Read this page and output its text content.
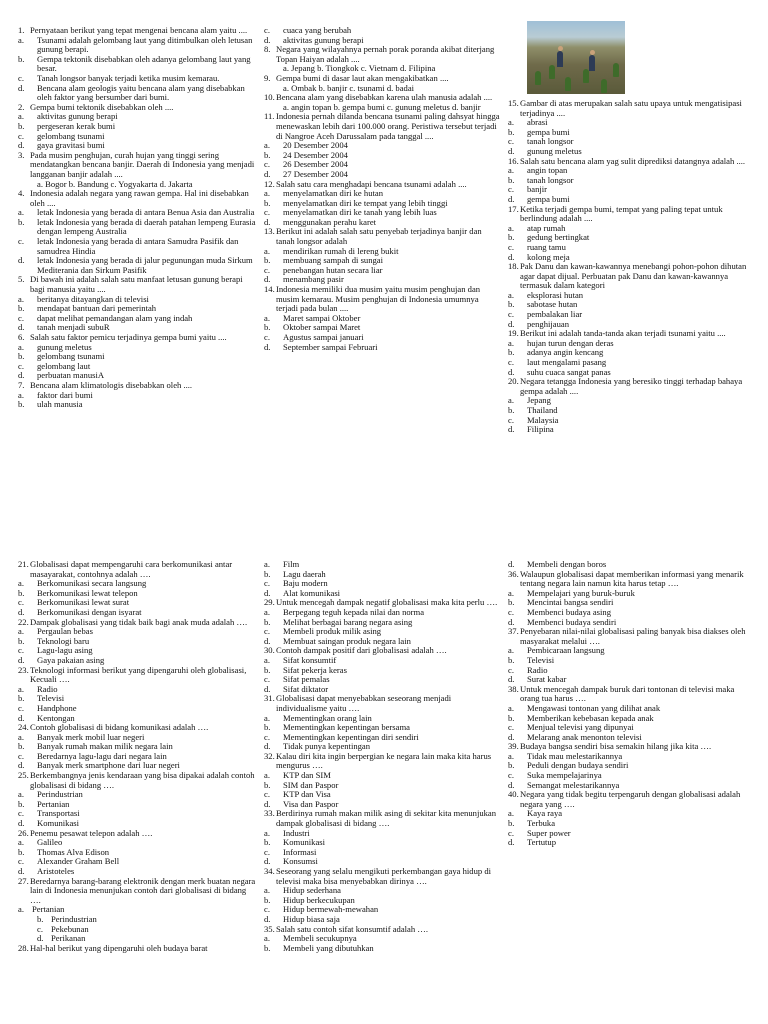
1. Pernyataan berikut yang tepat mengenai bencana alam yaitu ....
a. Tsunami adalah gelombang laut yang ditimbulkan oleh letusan gunung berapi.
b. Gempa tektonik disebabkan oleh adanya gelombang laut yang besar.
c. Tanah longsor banyak terjadi ketika musim kemarau.
d. Bencana alam geologis yaitu bencana alam yang disebabkan oleh faktor yang bersumber dari bumi.
2. Gempa bumi tektonik disebabkan oleh ....
a. aktivitas gunung berapi
b. pergeseran kerak bumi
c. gelombang tsunami
d. gaya gravitasi bumi
3. Pada musim penghujan, curah hujan yang tinggi sering mendatangkan bencana banjir. Daerah di Indonesia yang menjadi langganan banjir adalah ....
a. Bogor b. Bandung c. Yogyakarta d. Jakarta
4. Indonesia adalah negara yang rawan gempa. Hal ini disebabkan oleh ....
a. letak Indonesia yang berada di antara Benua Asia dan Australia
b. letak Indonesia yang berada di daerah patahan lempeng Eurasia dengan lempeng Australia
c. letak Indonesia yang berada di antara Samudra Pasifik dan samudrea Hindia
d. letak Indonesia yang berada di jalur pegunungan muda Sirkum Mediterania dan Sirkum Pasifik
5. Di bawah ini adalah salah satu manfaat letusan gunung berapi bagi manusia yaitu ....
a. beritanya ditayangkan di televisi
b. mendapat bantuan dari pemerintah
c. dapat melihat pemandangan alam yang indah
d. tanah menjadi subuR
6. Salah satu faktor pemicu terjadinya gempa bumi yaitu ....
a. gunung meletus
b. gelombang tsunami
c. gelombang laut
d. perbuatan manusiA
7. Bencana alam klimatologis disebabkan oleh ....
a. faktor dari bumi
b. ulah manusia
c. cuaca yang berubah
d. aktivitas gunung berapi
8. Negara yang wilayahnya pernah porak poranda akibat diterjang Topan Haiyan adalah ....
a. Jepang b. Tiongkok c. Vietnam d. Filipina
9. Gempa bumi di dasar laut akan mengakibatkan ....
a. Ombak b. banjir c. tsunami d. badai
10. Bencana alam yang disebabkan karena ulah manusia adalah ....
a. angin topan b. gempa bumi c. gunung meletus d. banjir
11. Indonesia pernah dilanda bencana tsunami paling dahsyat hingga menewaskan lebih dari 100.000 orang. Peristiwa tersebut terjadi di Nangroe Aceh Darussalam pada tanggal ....
a. 20 Desember 2004
b. 24 Desember 2004
c. 26 Desember 2004
d. 27 Desember 2004
12. Salah satu cara menghadapi bencana tsunami adalah ....
a. menyelamatkan diri ke hutan
b. menyelamatkan diri ke tempat yang lebih tinggi
c. menyelamatkan diri ke tanah yang lebih luas
d. menggunakan perahu karet
13. Berikut ini adalah salah satu penyebab terjadinya banjir dan tanah longsor adalah
a. mendirikan rumah di lereng bukit
b. membuang sampah di sungai
c. penebangan hutan secara liar
d. menambang pasir
14. Indonesia memiliki dua musim yaitu musim penghujan dan musim kemarau. Musim penghujan di Indonesia umumnya terjadi pada bulan ....
a. Maret sampai Oktober
b. Oktober sampai Maret
c. Agustus sampai januari
d. September sampai Februari
15. Gambar di atas merupakan salah satu upaya untuk mengatisipasi terjadinya ....
a. abrasi
b. gempa bumi
c. tanah longsor
d. gunung meletus
16. Salah satu bencana alam yag sulit diprediksi datangnya adalah ....
a. angin topan
b. tanah longsor
c. banjir
d. gempa bumi
17. Ketika terjadi gempa bumi, tempat yang paling tepat untuk berlindung adalah ....
a. atap rumah
b. gedung bertingkat
c. ruang tamu
d. kolong meja
18. Pak Danu dan kawan-kawannya menebangi pohon-pohon dihutan agar dapat dijual. Perbuatan pak Danu dan kawan-kawannya termasuk dalam kategori
a. eksplorasi hutan
b. sabotase hutan
c. pembalakan liar
d. penghijauan
19. Berikut ini adalah tanda-tanda akan terjadi tsunami yaitu ....
a. hujan turun dengan deras
b. adanya angin kencang
c. laut mengalami pasang
d. suhu cuaca sangat panas
20. Negara tetangga Indonesia yang beresiko tinggi terhadap bahaya gempa adalah ....
a. Jepang
b. Thailand
c. Malaysia
d. Filipina
21. Globalisasi dapat mempengaruhi cara berkomunikasi antar masayarakat, contohnya adalah ….
a. Berkomunikasi secara langsung
b. Berkomunikasi lewat telepon
c. Berkomunikasi lewat surat
d. Berkomunikasi dengan isyarat
22. Dampak globalisasi yang tidak baik bagi anak muda adalah ….
a. Pergaulan bebas
b. Teknologi baru
c. Lagu-lagu asing
d. Gaya pakaian asing
23. Teknologi informasi berikut yang dipengaruhi oleh globalisasi, Kecuali ….
a. Radio
b. Televisi
c. Handphone
d. Kentongan
24. Contoh globalisasi di bidang komunikasi adalah ….
a. Banyak merk mobil luar negeri
b. Banyak rumah makan milik negara lain
c. Beredarnya lagu-lagu dari negara lain
d. Banyak merk smartphone dari luar negeri
25. Berkembangnya jenis kendaraan yang bisa dipakai adalah contoh globalisasi di bidang ….
a. Perindustrian
b. Pertanian
c. Transportasi
d. Komunikasi
26. Penemu pesawat telepon adalah ….
a. Galileo
b. Thomas Alva Edison
c. Alexander Graham Bell
d. Aristoteles
27. Beredarnya barang-barang elektronik dengan merk buatan negara lain di Indonesia menunjukan contoh dari globalisasi di bidang ….
a. Pertanian
b. Perindustrian
c. Pekebunan
d. Perikanan
28. Hal-hal berikut yang dipengaruhi oleh budaya barat
a. Film
b. Lagu daerah
c. Baju modern
d. Alat komunikasi
29. Untuk mencegah dampak negatif globalisasi maka kita perlu ….
a. Berpegang teguh kepada nilai dan norma
b. Melihat berbagai barang negara asing
c. Membeli produk milik asing
d. Membuat saingan produk negara lain
30. Contoh dampak positif dari globalisasi adalah ….
a. Sifat konsumtif
b. Sifat pekerja keras
c. Sifat pemalas
d. Sifat diktator
31. Globalisasi dapat menyebabkan seseorang menjadi individualisme yaitu ….
a. Mementingkan orang lain
b. Mementingkan kepentingan bersama
c. Mementingkan kepentingan diri sendiri
d. Tidak punya kepentingan
32. Kalau diri kita ingin berpergian ke negara lain maka kita harus mengurus ….
a. KTP dan SIM
b. SIM dan Paspor
c. KTP dan Visa
d. Visa dan Paspor
33. Berdirinya rumah makan milik asing di sekitar kita menunjukan dampak globalisasi di bidang ….
a. Industri
b. Komunikasi
c. Informasi
d. Konsumsi
34. Seseorang yang selalu mengikuti perkembangan gaya hidup di televisi maka bisa menyebabkan dirinya ….
a. Hidup sederhana
b. Hidup berkecukupan
c. Hidup bermewah-mewahan
d. Hidup biasa saja
35. Salah satu contoh sifat konsumtif adalah ….
a. Membeli secukupnya
b. Membeli yang dibutuhkan
d. Membeli dengan boros
36. Walaupun globalisasi dapat memberikan informasi yang menarik tentang negara lain namun kita harus tetap ….
a. Mempelajari yang buruk-buruk
b. Mencintai bangsa sendiri
c. Membenci budaya asing
d. Membenci budaya sendiri
37. Penyebaran nilai-nilai globalisasi paling banyak bisa diakses oleh masyarakat melalui ….
a. Pembicaraan langsung
b. Televisi
c. Radio
d. Surat kabar
38. Untuk mencegah dampak buruk dari tontonan di televisi maka orang tua harus ….
a. Mengawasi tontonan yang dilihat anak
b. Memberikan kebebasan kepada anak
c. Menjual televisi yang dipunyai
d. Melarang anak menonton televisi
39. Budaya bangsa sendiri bisa semakin hilang jika kita ….
a. Tidak mau melestarikannya
b. Peduli dengan budaya sendiri
c. Suka mempelajarinya
d. Semangat melestarikannya
40. Negara yang tidak begitu terpengaruh dengan globalisasi adalah negara yang ….
a. Kaya raya
b. Terbuka
c. Super power
d. Tertutup
